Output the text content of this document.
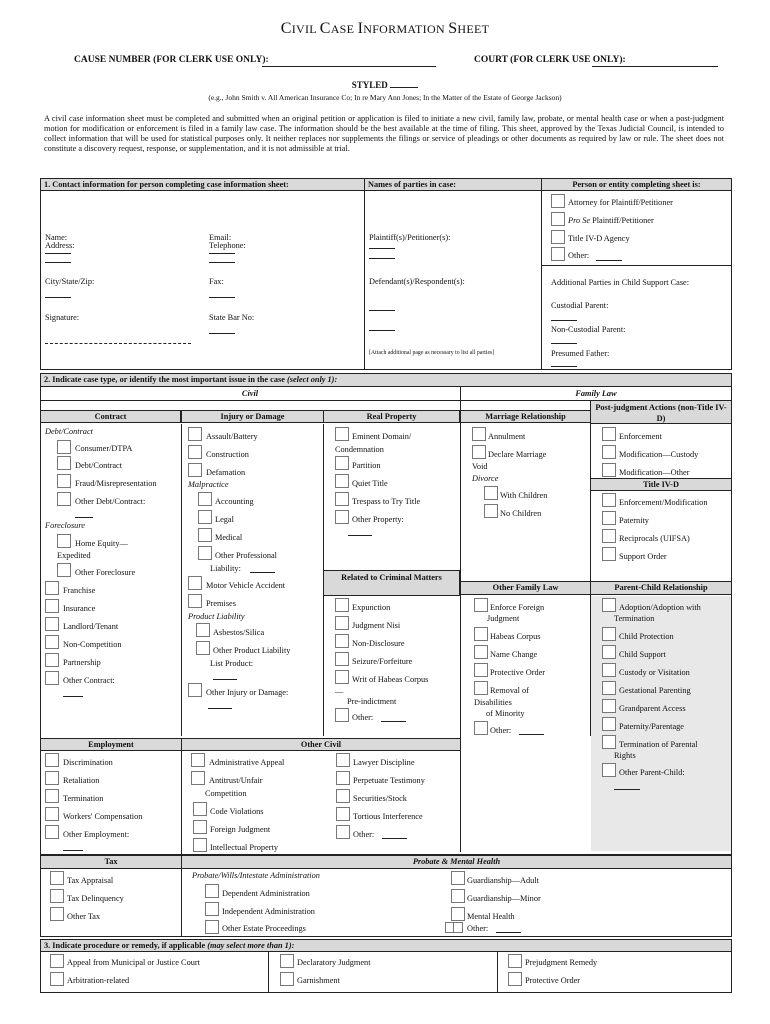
CIVIL CASE INFORMATION SHEET
CAUSE NUMBER (FOR CLERK USE ONLY):	COURT (FOR CLERK USE ONLY):
STYLED
(e.g., John Smith v. All American Insurance Co; In re Mary Ann Jones; In the Matter of the Estate of George Jackson)
A civil case information sheet must be completed and submitted when an original petition or application is filed to initiate a new civil, family law, probate, or mental health case or when a post-judgment motion for modification or enforcement is filed in a family law case. The information should be the best available at the time of filing. This sheet, approved by the Texas Judicial Council, is intended to collect information that will be used for statistical purposes only. It neither replaces nor supplements the filings or service of pleadings or other documents as required by law or rule. The sheet does not constitute a discovery request, response, or supplementation, and it is not admissible at trial.
1. Contact information for person completing case information sheet:	Names of parties in case:	Person or entity completing sheet is:
Name:	Email:
Address:	Telephone:
City/State/Zip:	Fax:
Signature:	State Bar No:
Plaintiff(s)/Petitioner(s):
Defendant(s)/Respondent(s):
[Attach additional page as necessary to list all parties]
Attorney for Plaintiff/Petitioner
Pro Se Plaintiff/Petitioner
Title IV-D Agency
Other:
Additional Parties in Child Support Case:
Custodial Parent:
Non-Custodial Parent:
Presumed Father:
2. Indicate case type, or identify the most important issue in the case (select only 1):
Civil	Family Law
Contract	Injury or Damage	Real Property	Marriage Relationship
Post-judgment Actions (non-Title IV-D)
Debt/Contract
Consumer/DTPA
Debt/Contract
Fraud/Misrepresentation
Other Debt/Contract:
Foreclosure
Home Equity—
Expedited
Other Foreclosure
Franchise
Insurance
Landlord/Tenant
Non-Competition
Partnership
Other Contract:
Assault/Battery
Construction
Defamation
Malpractice
Accounting
Legal
Medical
Other Professional
Liability:
Motor Vehicle Accident
Premises
Product Liability
Asbestos/Silica
Other Product Liability
List Product:
Other Injury or Damage:
Eminent Domain/
Condemnation
Partition
Quiet Title
Trespass to Try Title
Other Property:
Related to Criminal Matters
Expunction
Judgment Nisi
Non-Disclosure
Seizure/Forfeiture
Writ of Habeas Corpus
—
Pre-indictment
Other:
Annulment
Declare Marriage
Void
Divorce
With Children
No Children
Enforcement
Modification—Custody
Modification—Other
Title IV-D
Enforcement/Modification
Paternity
Reciprocals (UIFSA)
Support Order
Other Family Law	Parent-Child Relationship
Enforce Foreign
Judgment
Habeas Corpus
Name Change
Protective Order
Removal of
Disabilities
of Minority
Other:
Adoption/Adoption with
Termination
Child Protection
Child Support
Custody or Visitation
Gestational Parenting
Grandparent Access
Paternity/Parentage
Termination of Parental
Rights
Other Parent-Child:
Employment	Other Civil
Discrimination
Retaliation
Termination
Workers' Compensation
Other Employment:
Administrative Appeal
Antitrust/Unfair
Competition
Code Violations
Foreign Judgment
Intellectual Property
Lawyer Discipline
Perpetuate Testimony
Securities/Stock
Tortious Interference
Other:
Tax	Probate & Mental Health
Tax Appraisal
Tax Delinquency
Other Tax
Probate/Wills/Intestate Administration
Dependent Administration
Independent Administration
Other Estate Proceedings
Guardianship—Adult
Guardianship—Minor
Mental Health
Other:
3. Indicate procedure or remedy, if applicable (may select more than 1):
Appeal from Municipal or Justice Court
Arbitration-related
Declaratory Judgment
Garnishment
Prejudgment Remedy
Protective Order
